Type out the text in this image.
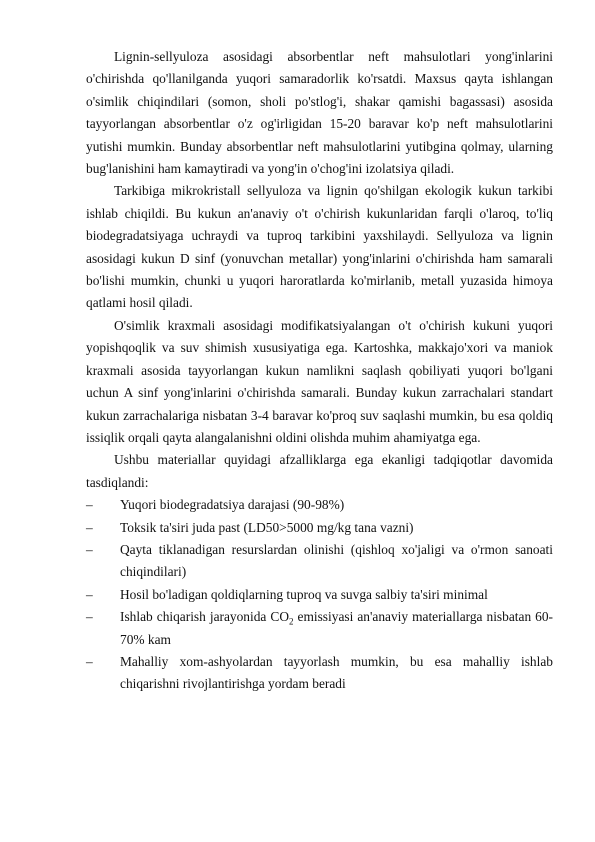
Lignin-sellyuloza asosidagi absorbentlar neft mahsulotlari yong'inlarini o'chirishda qo'llanilganda yuqori samaradorlik ko'rsatdi. Maxsus qayta ishlangan o'simlik chiqindilari (somon, sholi po'stlog'i, shakar qamishi bagassasi) asosida tayyorlangan absorbentlar o'z og'irligidan 15-20 baravar ko'p neft mahsulotlarini yutishi mumkin. Bunday absorbentlar neft mahsulotlarini yutibgina qolmay, ularning bug'lanishini ham kamaytiradi va yong'in o'chog'ini izolatsiya qiladi.

Tarkibiga mikrokristall sellyuloza va lignin qo'shilgan ekologik kukun tarkibi ishlab chiqildi. Bu kukun an'anaviy o't o'chirish kukunlaridan farqli o'laroq, to'liq biodegradatsiyaga uchraydi va tuproq tarkibini yaxshilaydi. Sellyuloza va lignin asosidagi kukun D sinf (yonuvchan metallar) yong'inlarini o'chirishda ham samarali bo'lishi mumkin, chunki u yuqori haroratlarda ko'mirlanib, metall yuzasida himoya qatlami hosil qiladi.

O'simlik kraxmali asosidagi modifikatsiyalangan o't o'chirish kukuni yuqori yopishqoqlik va suv shimish xususiyatiga ega. Kartoshka, makkajo'xori va maniok kraxmali asosida tayyorlangan kukun namlikni saqlash qobiliyati yuqori bo'lgani uchun A sinf yong'inlarini o'chirishda samarali. Bunday kukun zarrachalari standart kukun zarrachalariga nisbatan 3-4 baravar ko'proq suv saqlashi mumkin, bu esa qoldiq issiqlik orqali qayta alangalanishni oldini olishda muhim ahamiyatga ega.

Ushbu materiallar quyidagi afzalliklarga ega ekanligi tadqiqotlar davomida tasdiqlandi:

– Yuqori biodegradatsiya darajasi (90-98%)
– Toksik ta'siri juda past (LD50>5000 mg/kg tana vazni)
– Qayta tiklanadigan resurslardan olinishi (qishloq xo'jaligi va o'rmon sanoati chiqindilari)
– Hosil bo'ladigan qoldiqlarning tuproq va suvga salbiy ta'siri minimal
– Ishlab chiqarish jarayonida $CO_2$ emissiyasi an'anaviy materiallarga nisbatan 60-70% kam
– Mahalliy xom-ashyolardan tayyorlash mumkin, bu esa mahalliy ishlab chiqarishni rivojlantirishga yordam beradi
